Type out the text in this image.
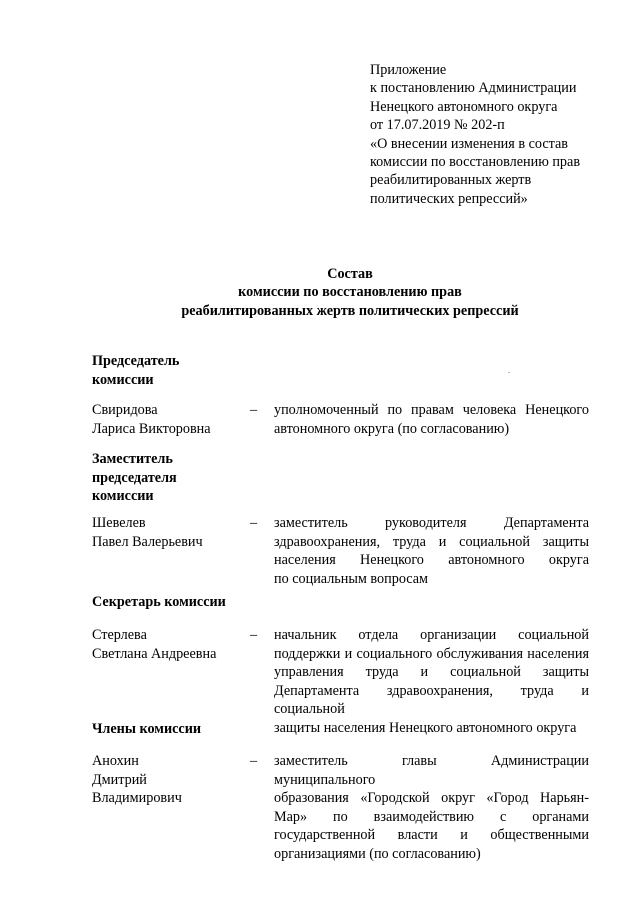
Приложение
к постановлению Администрации
Ненецкого автономного округа
от 17.07.2019 № 202-п
«О внесении изменения в состав
комиссии по восстановлению прав
реабилитированных жертв
политических репрессий»
Состав
комиссии по восстановлению прав
реабилитированных жертв политических репрессий
Председатель
комиссии
Свиридова
Лариса Викторовна
– уполномоченный по правам человека Ненецкого
автономного округа (по согласованию)
Заместитель
председателя
комиссии
Шевелев
Павел Валерьевич
– заместитель руководителя Департамента
здравоохранения, труда и социальной защиты
населения Ненецкого автономного округа
по социальным вопросам
Секретарь комиссии
Стерлева
Светлана Андреевна
– начальник отдела организации социальной
поддержки и социального обслуживания населения
управления труда и социальной защиты
Департамента здравоохранения, труда и социальной
защиты населения Ненецкого автономного округа
Члены комиссии
Анохин
Дмитрий
Владимирович
– заместитель главы Администрации муниципального
образования «Городской округ «Город Нарьян-
Мар» по взаимодействию с органами
государственной власти и общественными
организациями (по согласованию)
